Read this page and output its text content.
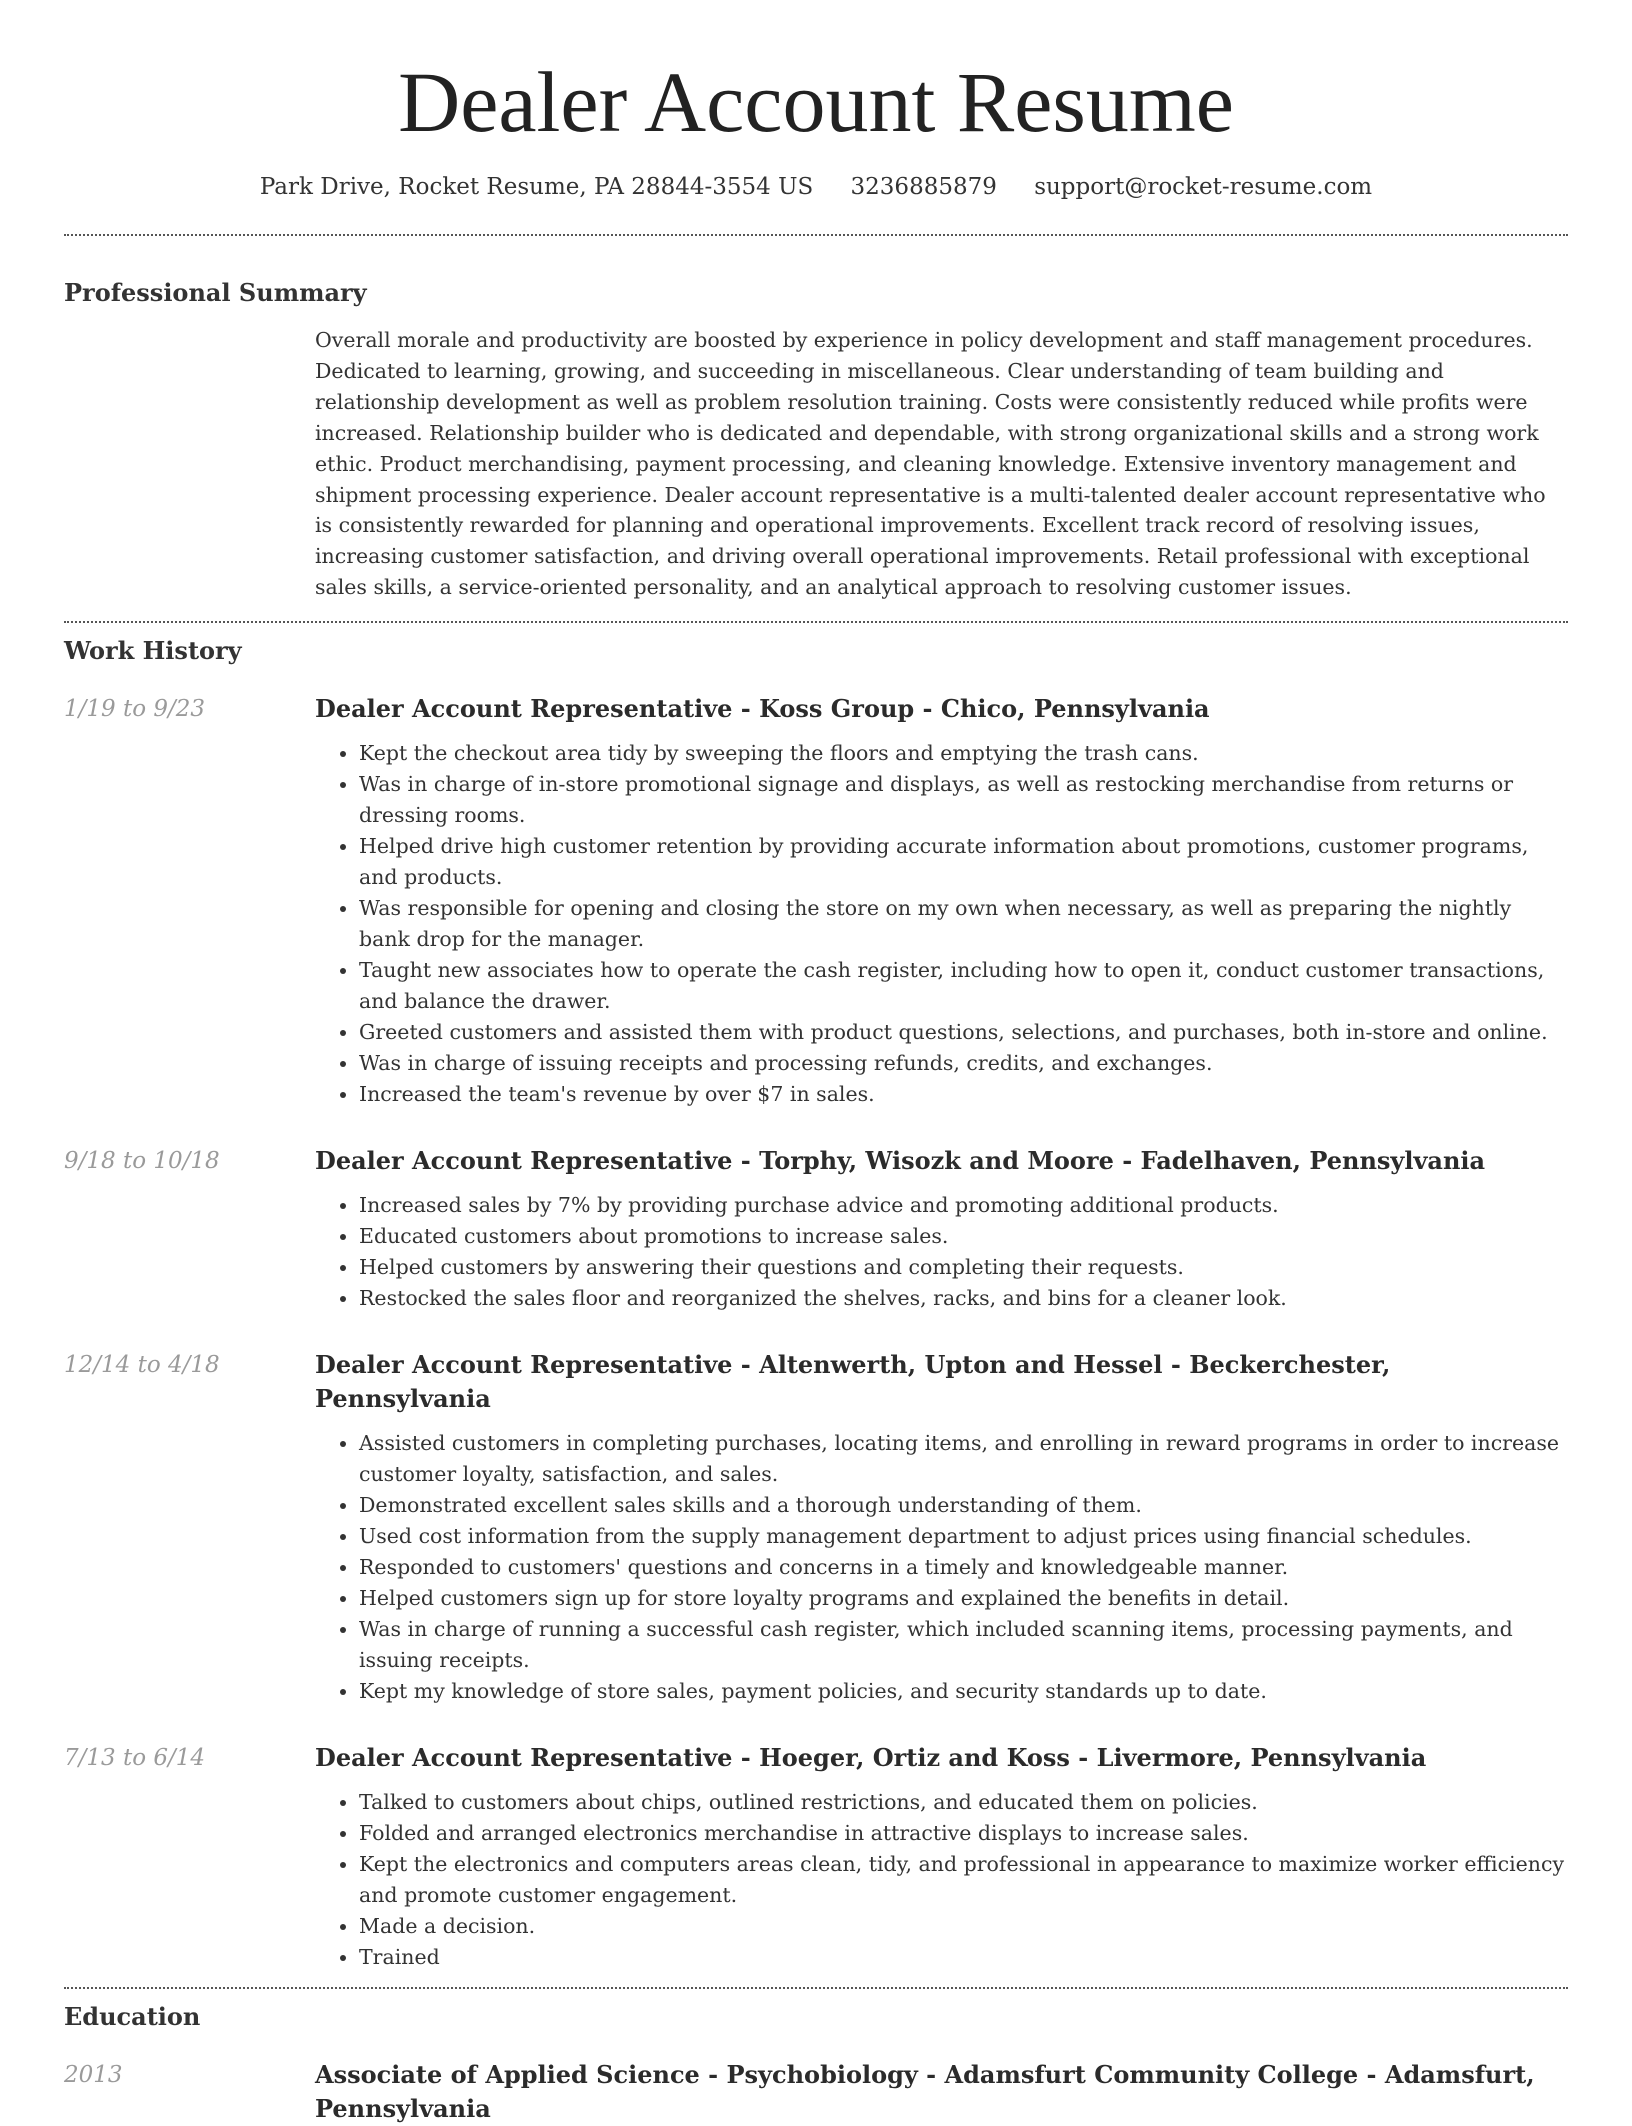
Dealer Account Resume
Park Drive, Rocket Resume, PA 28844-3554 US 3236885879 support@rocket-resume.com
Professional Summary

Overall morale and productivity are boosted by experience in policy development and staff management procedures. Dedicated to learning, growing, and succeeding in miscellaneous. Clear understanding of team building and relationship development as well as problem resolution training. Costs were consistently reduced while profits were increased. Relationship builder who is dedicated and dependable, with strong organizational skills and a strong work ethic. Product merchandising, payment processing, and cleaning knowledge. Extensive inventory management and shipment processing experience. Dealer account representative is a multi-talented dealer account representative who is consistently rewarded for planning and operational improvements. Excellent track record of resolving issues, increasing customer satisfaction, and driving overall operational improvements. Retail professional with exceptional sales skills, a service-oriented personality, and an analytical approach to resolving customer issues.

Work History
1/19 to 9/23	Dealer Account Representative - Koss Group - Chico, Pennsylvania
• Kept the checkout area tidy by sweeping the floors and emptying the trash cans.
• Was in charge of in-store promotional signage and displays, as well as restocking merchandise from returns or dressing rooms.
• Helped drive high customer retention by providing accurate information about promotions, customer programs, and products.
• Was responsible for opening and closing the store on my own when necessary, as well as preparing the nightly bank drop for the manager.
• Taught new associates how to operate the cash register, including how to open it, conduct customer transactions, and balance the drawer.
• Greeted customers and assisted them with product questions, selections, and purchases, both in-store and online.
• Was in charge of issuing receipts and processing refunds, credits, and exchanges.
• Increased the team's revenue by over $7 in sales.
9/18 to 10/18	Dealer Account Representative - Torphy, Wisozk and Moore - Fadelhaven, Pennsylvania
• Increased sales by 7% by providing purchase advice and promoting additional products.
• Educated customers about promotions to increase sales.
• Helped customers by answering their questions and completing their requests.
• Restocked the sales floor and reorganized the shelves, racks, and bins for a cleaner look.
12/14 to 4/18	Dealer Account Representative - Altenwerth, Upton and Hessel - Beckerchester, Pennsylvania
• Assisted customers in completing purchases, locating items, and enrolling in reward programs in order to increase customer loyalty, satisfaction, and sales.
• Demonstrated excellent sales skills and a thorough understanding of them.
• Used cost information from the supply management department to adjust prices using financial schedules.
• Responded to customers' questions and concerns in a timely and knowledgeable manner.
• Helped customers sign up for store loyalty programs and explained the benefits in detail.
• Was in charge of running a successful cash register, which included scanning items, processing payments, and issuing receipts.
• Kept my knowledge of store sales, payment policies, and security standards up to date.
7/13 to 6/14	Dealer Account Representative - Hoeger, Ortiz and Koss - Livermore, Pennsylvania
• Talked to customers about chips, outlined restrictions, and educated them on policies.
• Folded and arranged electronics merchandise in attractive displays to increase sales.
• Kept the electronics and computers areas clean, tidy, and professional in appearance to maximize worker efficiency and promote customer engagement.
• Made a decision.
• Trained
Education
2013	Associate of Applied Science - Psychobiology - Adamsfurt Community College - Adamsfurt, Pennsylvania
